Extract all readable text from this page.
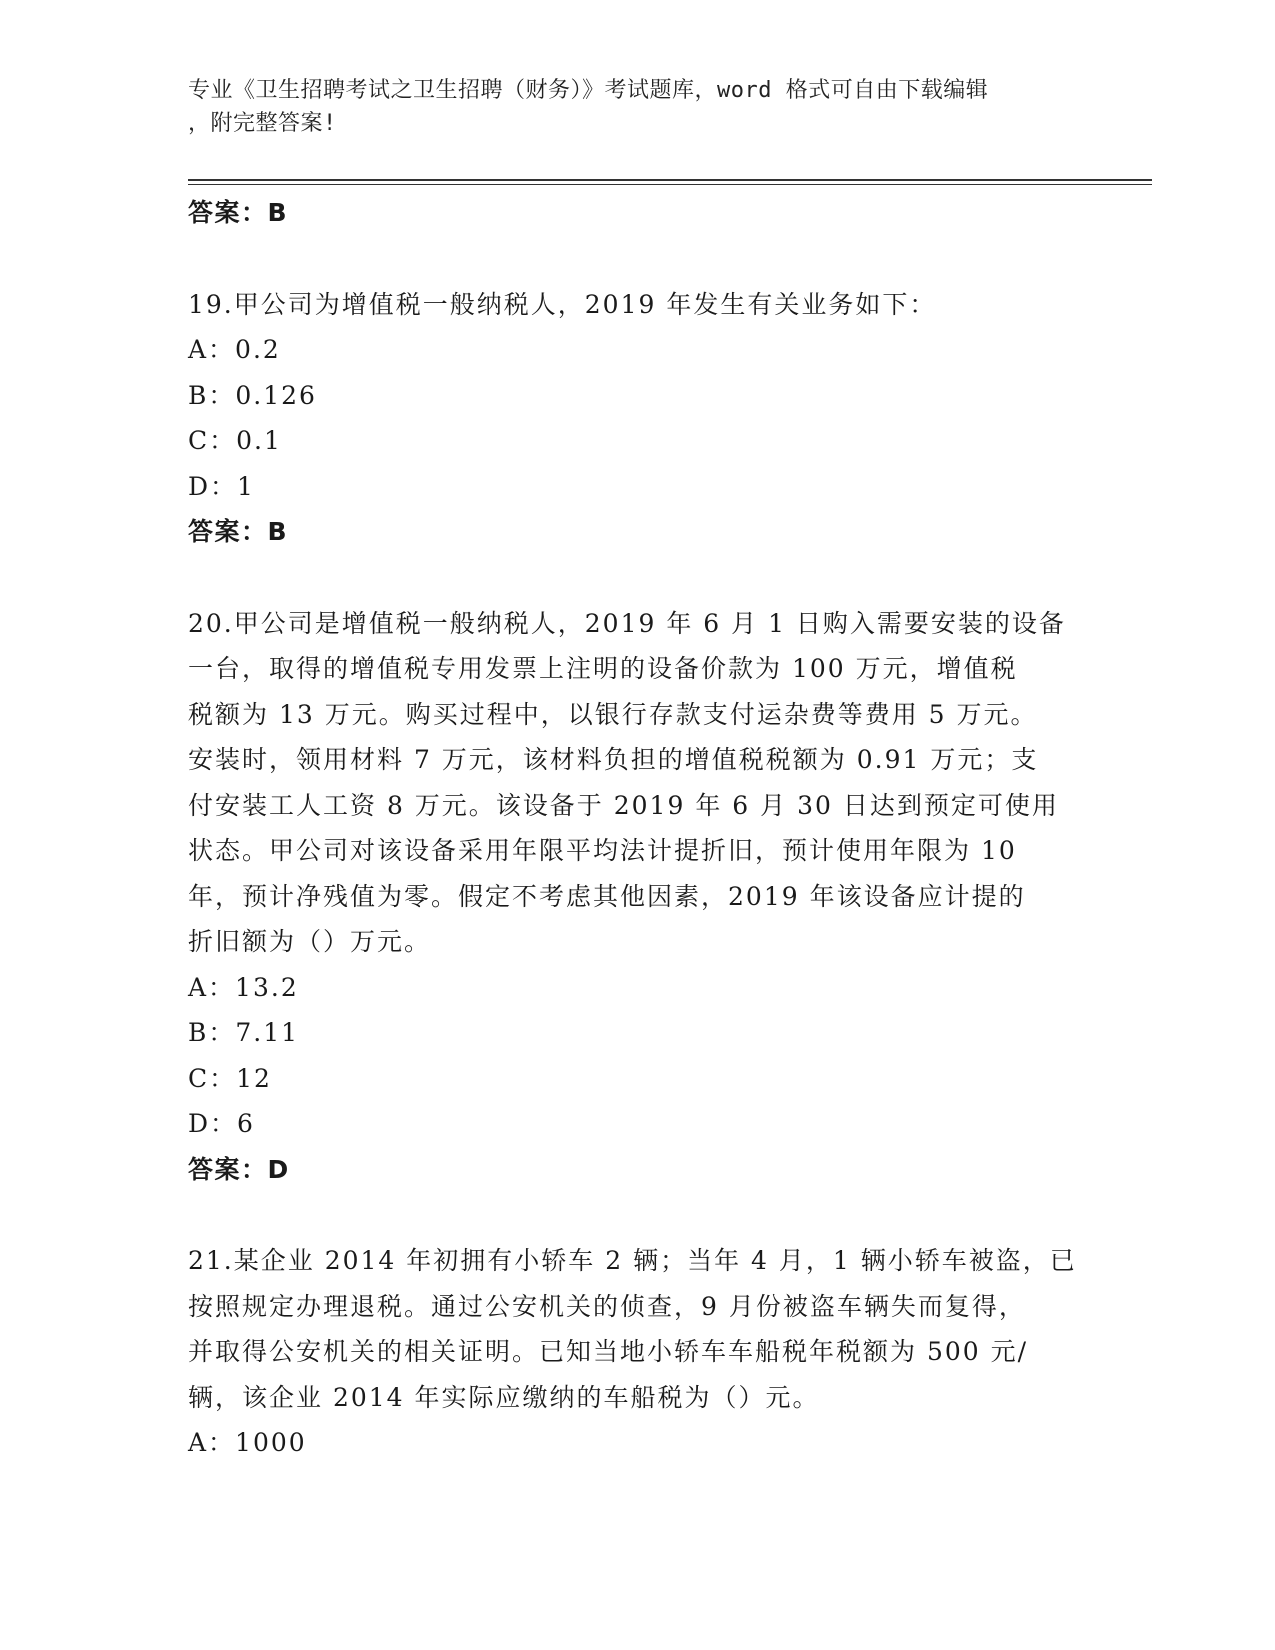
专业《卫生招聘考试之卫生招聘（财务）》考试题库，word 格式可自由下载编辑
，附完整答案!
答案：B
19.甲公司为增值税一般纳税人，2019 年发生有关业务如下：
A：0.2
B：0.126
C：0.1
D：1
答案：B
20.甲公司是增值税一般纳税人，2019 年 6 月 1 日购入需要安装的设备
一台，取得的增值税专用发票上注明的设备价款为 100 万元，增值税
税额为 13 万元。购买过程中，以银行存款支付运杂费等费用 5 万元。
安装时，领用材料 7 万元，该材料负担的增值税税额为 0.91 万元；支
付安装工人工资 8 万元。该设备于 2019 年 6 月 30 日达到预定可使用
状态。甲公司对该设备采用年限平均法计提折旧，预计使用年限为 10
年，预计净残值为零。假定不考虑其他因素，2019 年该设备应计提的
折旧额为（）万元。
A：13.2
B：7.11
C：12
D：6
答案：D
21.某企业 2014 年初拥有小轿车 2 辆；当年 4 月，1 辆小轿车被盗，已
按照规定办理退税。通过公安机关的侦查，9 月份被盗车辆失而复得，
并取得公安机关的相关证明。已知当地小轿车车船税年税额为 500 元/
辆，该企业 2014 年实际应缴纳的车船税为（）元。
A：1000
